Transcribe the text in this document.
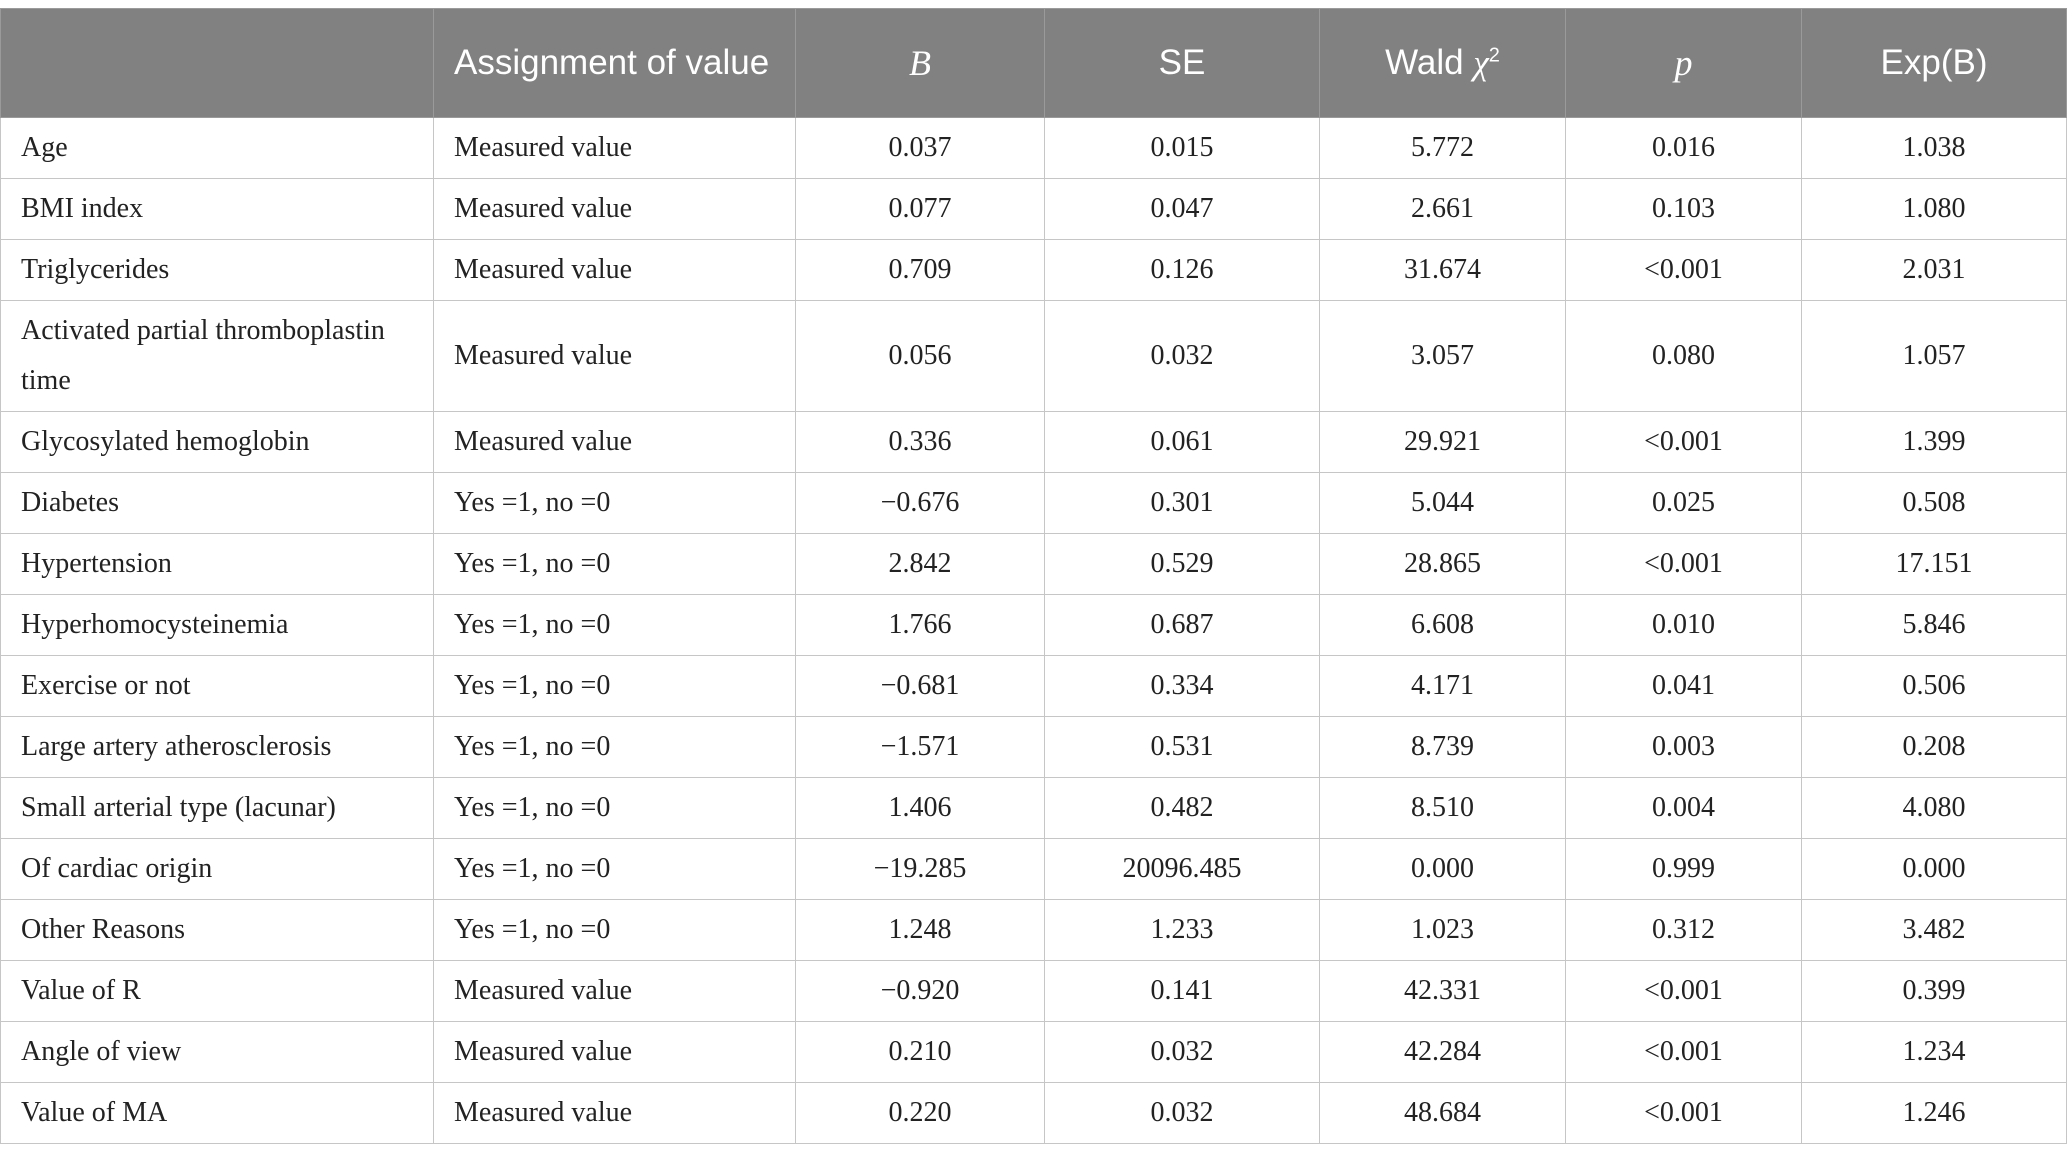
	Assignment of value	B	SE	Wald $\chi^2$	p	Exp(B)
Age	Measured value	0.037	0.015	5.772	0.016	1.038
BMI index	Measured value	0.077	0.047	2.661	0.103	1.080
Triglycerides	Measured value	0.709	0.126	31.674	<0.001	2.031
Activated partial thromboplastin time	Measured value	0.056	0.032	3.057	0.080	1.057
Glycosylated hemoglobin	Measured value	0.336	0.061	29.921	<0.001	1.399
Diabetes	Yes =1, no =0	−0.676	0.301	5.044	0.025	0.508
Hypertension	Yes =1, no =0	2.842	0.529	28.865	<0.001	17.151
Hyperhomocysteinemia	Yes =1, no =0	1.766	0.687	6.608	0.010	5.846
Exercise or not	Yes =1, no =0	−0.681	0.334	4.171	0.041	0.506
Large artery atherosclerosis	Yes =1, no =0	−1.571	0.531	8.739	0.003	0.208
Small arterial type (lacunar)	Yes =1, no =0	1.406	0.482	8.510	0.004	4.080
Of cardiac origin	Yes =1, no =0	−19.285	20096.485	0.000	0.999	0.000
Other Reasons	Yes =1, no =0	1.248	1.233	1.023	0.312	3.482
Value of R	Measured value	−0.920	0.141	42.331	<0.001	0.399
Angle of view	Measured value	0.210	0.032	42.284	<0.001	1.234
Value of MA	Measured value	0.220	0.032	48.684	<0.001	1.246
